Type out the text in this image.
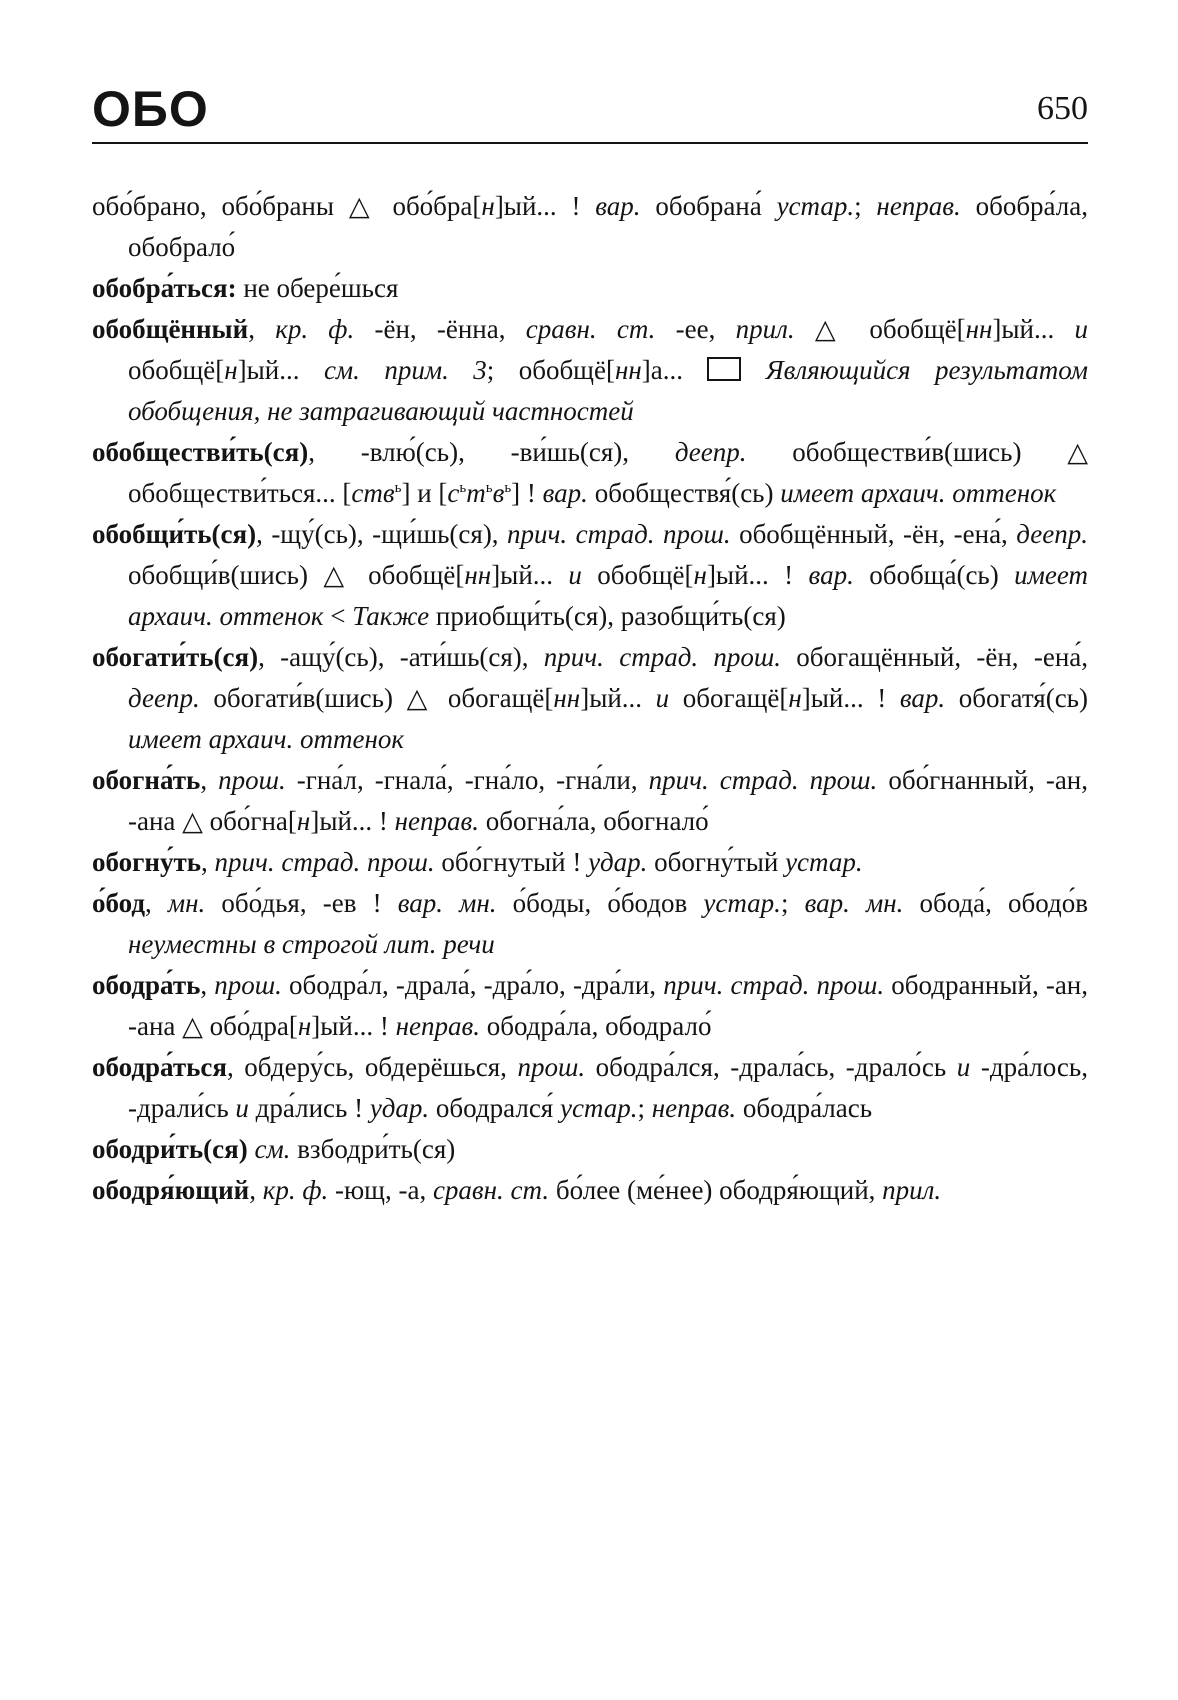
ОБО	650

обо́брано, обо́браны △ обо́бра[н]ый... ! вар. обобрана́ устар.; неправ. обобра́ла, обобрало́

обобра́ться: не обере́шься

обобщённый, кр. ф. -ён, -ённа, сравн. ст. -ее, прил. △ обобщё[нн]ый... и обобщё[н]ый... см. прим. 3; обобщё[нн]а...  Являющийся результатом обобщения, не затрагивающий частностей

обобществи́ть(ся), -влю́(сь), -ви́шь(ся), деепр. обобществи́в(шись) △ обобществи́ться... [ств$^ь$] и $[с^ьт^ьв^ь]$ ! вар. обобществя́(сь) имеет архаич. оттенок

обобщи́ть(ся), -щу́(сь), -щи́шь(ся), прич. страд. прош. обобщённый, -ён, -ена́, деепр. обобщи́в(шись) △ обобщё[нн]ый... и обобщё[н]ый... ! вар. обобща́(сь) имеет архаич. оттенок < Также приобщи́ть(ся), разобщи́ть(ся)

обогати́ть(ся), -ащу́(сь), -ати́шь(ся), прич. страд. прош. обогащённый, -ён, -ена́, деепр. обогати́в(шись) △ обогащё[нн]ый... и обогащё[н]ый... ! вар. обогатя́(сь) имеет архаич. оттенок

обогна́ть, прош. -гна́л, -гнала́, -гна́ло, -гна́ли, прич. страд. прош. обо́гнанный, -ан, -ана △ обо́гна[н]ый... ! неправ. обогна́ла, обогнало́

обогну́ть, прич. страд. прош. обо́гнутый ! удар. обогну́тый устар.

о́бод, мн. обо́дья, -ев ! вар. мн. о́боды, о́бодов устар.; вар. мн. обода́, ободо́в неуместны в строгой лит. речи

ободра́ть, прош. ободра́л, -драла́, -дра́ло, -дра́ли, прич. страд. прош. ободранный, -ан, -ана △ обо́дра[н]ый... ! неправ. ободра́ла, ободрало́

ободра́ться, обдеру́сь, обдерёшься, прош. ободра́лся, -драла́сь, -драло́сь и -дра́лось, -драли́сь и дра́лись ! удар. ободрался́ устар.; неправ. ободра́лась

ободри́ть(ся) см. взбодри́ть(ся)

ободря́ющий, кр. ф. -ющ, -а, сравн. ст. бо́лее (ме́нее) ободря́ющий, прил.
